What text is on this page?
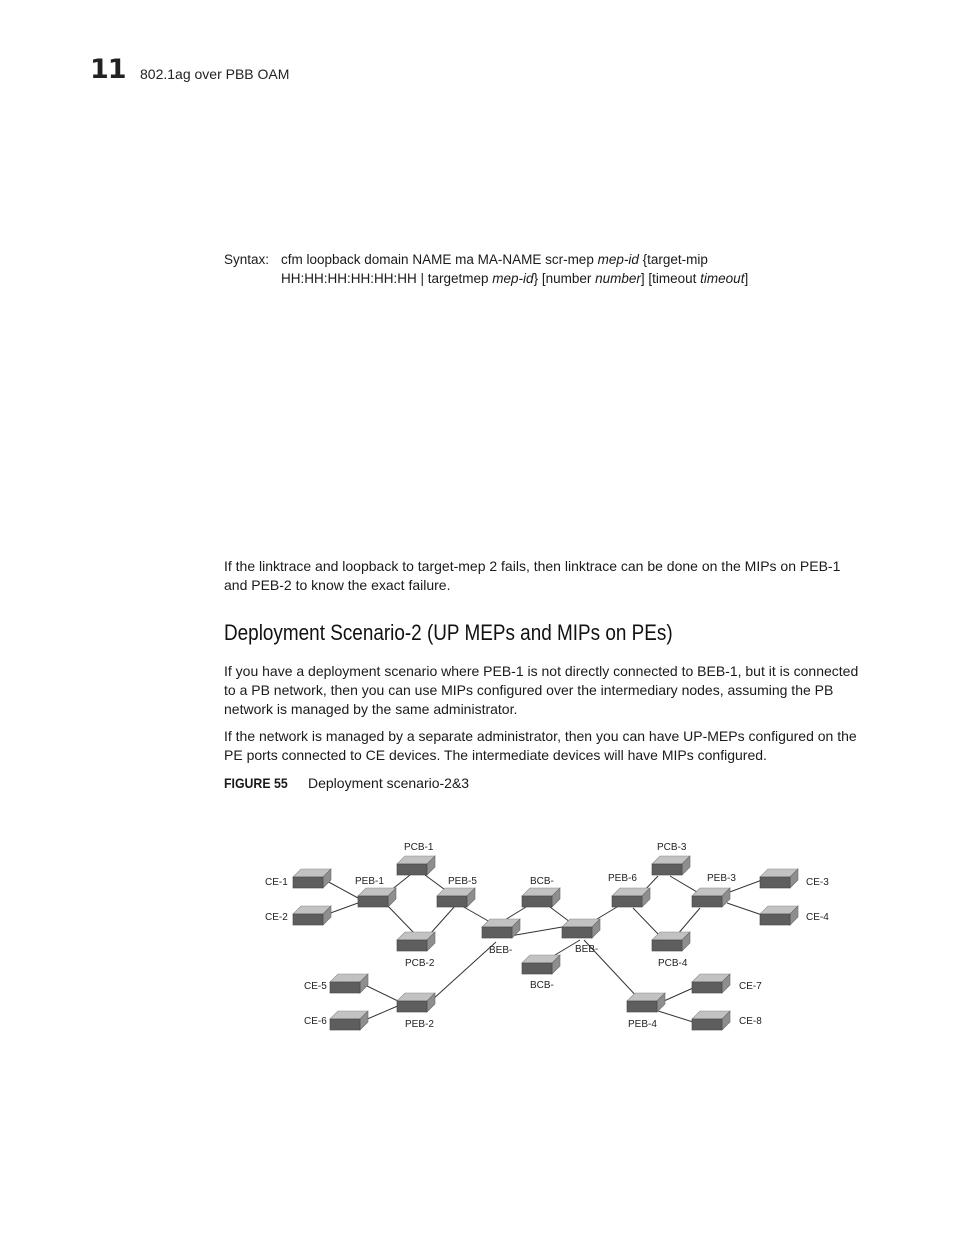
11 802.1ag over PBB OAM
Syntax: cfm loopback domain NAME ma MA-NAME scr-mep mep-id {target-mip
HH:HH:HH:HH:HH:HH | targetmep mep-id} [number number] [timeout timeout]

If the linktrace and loopback to target-mep 2 fails, then linktrace can be done on the MIPs on PEB-1 and PEB-2 to know the exact failure.

Deployment Scenario-2 (UP MEPs and MIPs on PEs)

If you have a deployment scenario where PEB-1 is not directly connected to BEB-1, but it is connected to a PB network, then you can use MIPs configured over the intermediary nodes, assuming the PB network is managed by the same administrator.

If the network is managed by a separate administrator, then you can have UP-MEPs configured on the PE ports connected to CE devices. The intermediate devices will have MIPs configured.

FIGURE 55 Deployment scenario-2&3
CE-1
CE-2
PEB-1
PCB-1
PEB-5
PCB-2
BEB-
BCB-
BCB-
BEB-
PEB-6
PCB-3
PEB-3
PCB-4
CE-3
CE-4
CE-5
CE-6	PEB-2	PEB-4
CE-7
CE-8
